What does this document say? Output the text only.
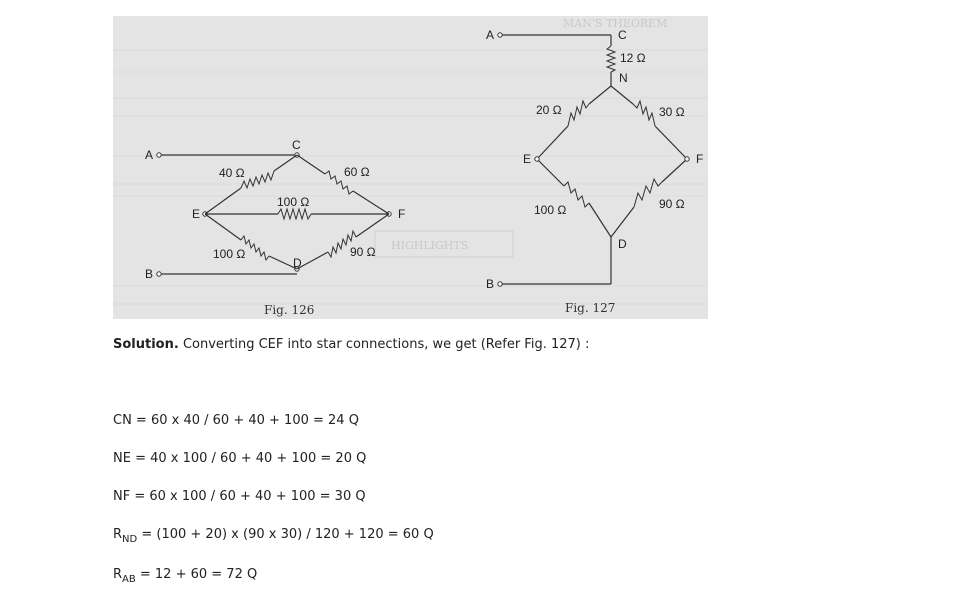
MAN'S THEOREM
HIGHLIGHTS
A
B
C
D
E	F
40 Ω	60 Ω
100 Ω
100 Ω	90 Ω
Fig. 126
A
B
C
N
D
E	F
12 Ω
20 Ω	30 Ω
100 Ω	90 Ω
Fig. 127
Solution. Converting CEF into star connections, we get (Refer Fig. 127) :
CN = 60 x 40 / 60 + 40 + 100 = 24 Q
NE = 40 x 100 / 60 + 40 + 100 = 20 Q
NF = 60 x 100 / 60 + 40 + 100 = 30 Q
$R_{ND} = (100 + 20)$ x (90 x 30) / 120 + 120 = 60 Q
$R_{AB} = 12 + 60 = 72$ Q
